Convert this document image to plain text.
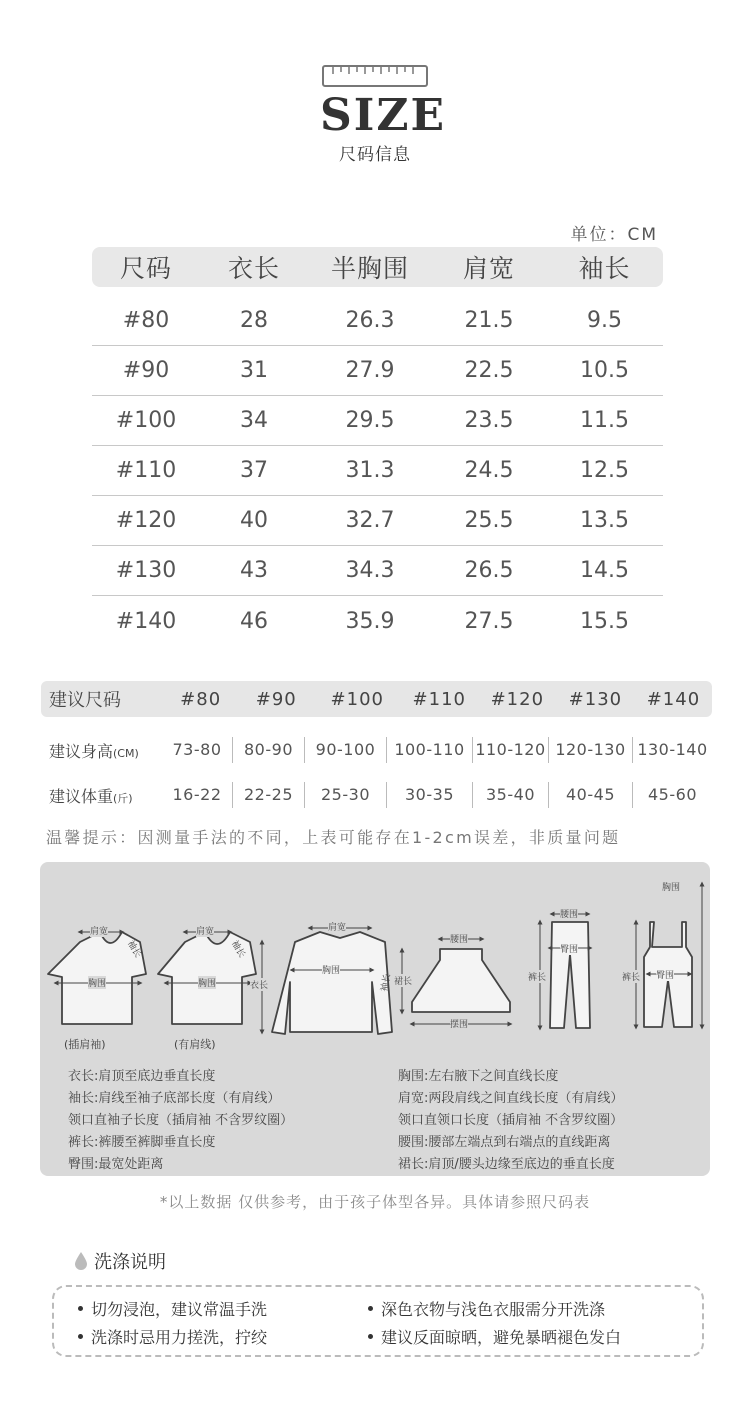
SIZE
尺码信息
单位：CM
尺码	衣长	半胸围	肩宽	袖长
#80	28	26.3	21.5	9.5
#90	31	27.9	22.5	10.5
#100	34	29.5	23.5	11.5
#110	37	31.3	24.5	12.5
#120	40	32.7	25.5	13.5
#130	43	34.3	26.5	14.5
#140	46	35.9	27.5	15.5
建议尺码	#80	#90	#100	#110	#120	#130	#140
建议身高(CM)	73-80	80-90	90-100	100-110 110-120 120-130 130-140
建议体重(斤)	16-22	22-25	25-30	30-35	35-40	40-45	45-60
温馨提示：因测量手法的不同，上表可能存在1-2cm误差，非质量问题
肩宽
胸围
袖长
肩宽
胸围
袖长
肩宽
胸围
衣长	袖长
腰围
裙长
摆围
腰围
臀围
裤长
胸围
臀围
裤长
(插肩袖)	(有肩线)
衣长:肩顶至底边垂直长度
袖长:肩线至袖子底部长度（有肩线）
领口直袖子长度（插肩袖 不含罗纹圈）
裤长:裤腰至裤脚垂直长度
臀围:最宽处距离
胸围:左右腋下之间直线长度
肩宽:两段肩线之间直线长度（有肩线）
领口直领口长度（插肩袖 不含罗纹圈）
腰围:腰部左端点到右端点的直线距离
裙长:肩顶/腰头边缘至底边的垂直长度
*以上数据 仅供参考，由于孩子体型各异。具体请参照尺码表
洗涤说明
切勿浸泡，建议常温手洗	深色衣物与浅色衣服需分开洗涤
洗涤时忌用力搓洗，拧绞	建议反面晾晒，避免暴晒褪色发白
